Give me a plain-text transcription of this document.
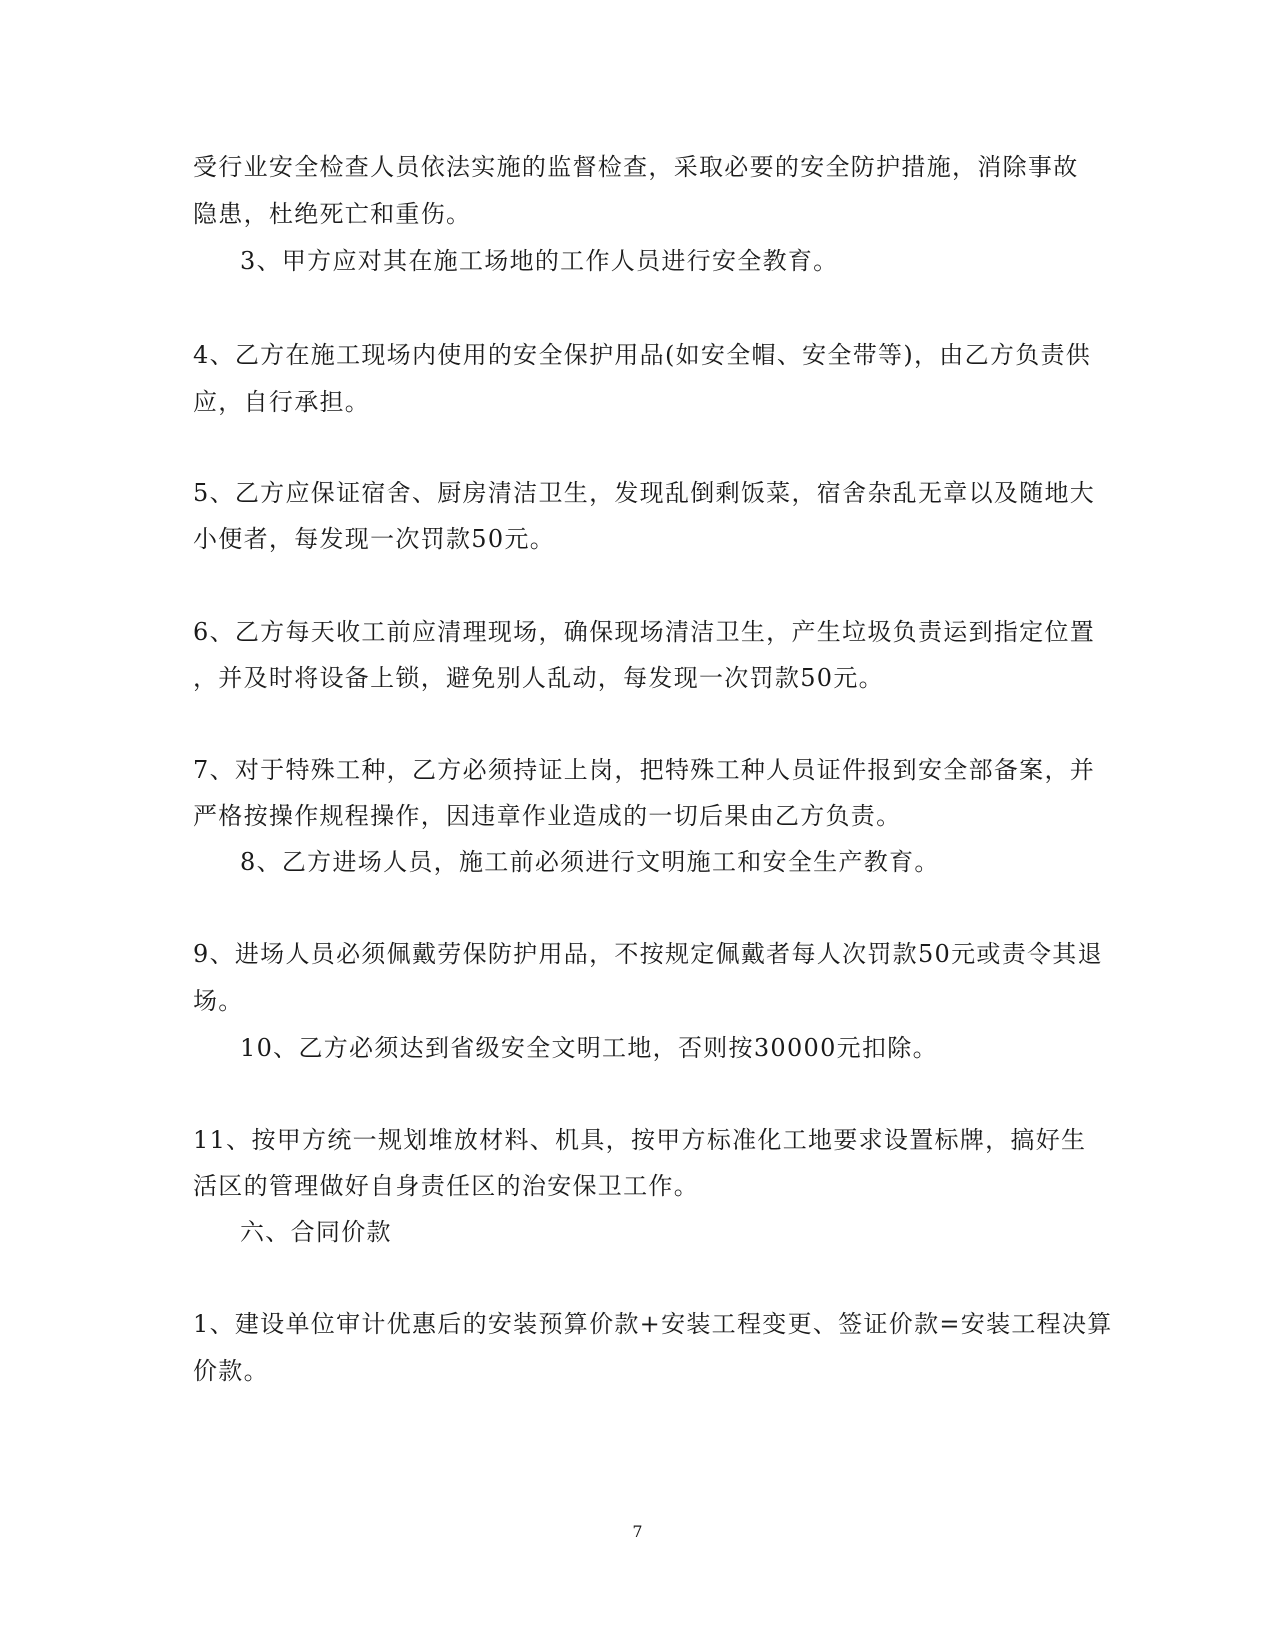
受行业安全检查人员依法实施的监督检查，采取必要的安全防护措施，消除事故
隐患，杜绝死亡和重伤。
3、甲方应对其在施工场地的工作人员进行安全教育。
4、乙方在施工现场内使用的安全保护用品(如安全帽、安全带等)，由乙方负责供
应，自行承担。
5、乙方应保证宿舍、厨房清洁卫生，发现乱倒剩饭菜，宿舍杂乱无章以及随地大
小便者，每发现一次罚款50元。
6、乙方每天收工前应清理现场，确保现场清洁卫生，产生垃圾负责运到指定位置
，并及时将设备上锁，避免别人乱动，每发现一次罚款50元。
7、对于特殊工种，乙方必须持证上岗，把特殊工种人员证件报到安全部备案，并
严格按操作规程操作，因违章作业造成的一切后果由乙方负责。
8、乙方进场人员，施工前必须进行文明施工和安全生产教育。
9、进场人员必须佩戴劳保防护用品，不按规定佩戴者每人次罚款50元或责令其退
场。
10、乙方必须达到省级安全文明工地，否则按30000元扣除。
11、按甲方统一规划堆放材料、机具，按甲方标准化工地要求设置标牌，搞好生
活区的管理做好自身责任区的治安保卫工作。
六、合同价款
1、建设单位审计优惠后的安装预算价款+安装工程变更、签证价款=安装工程决算
价款。
7
